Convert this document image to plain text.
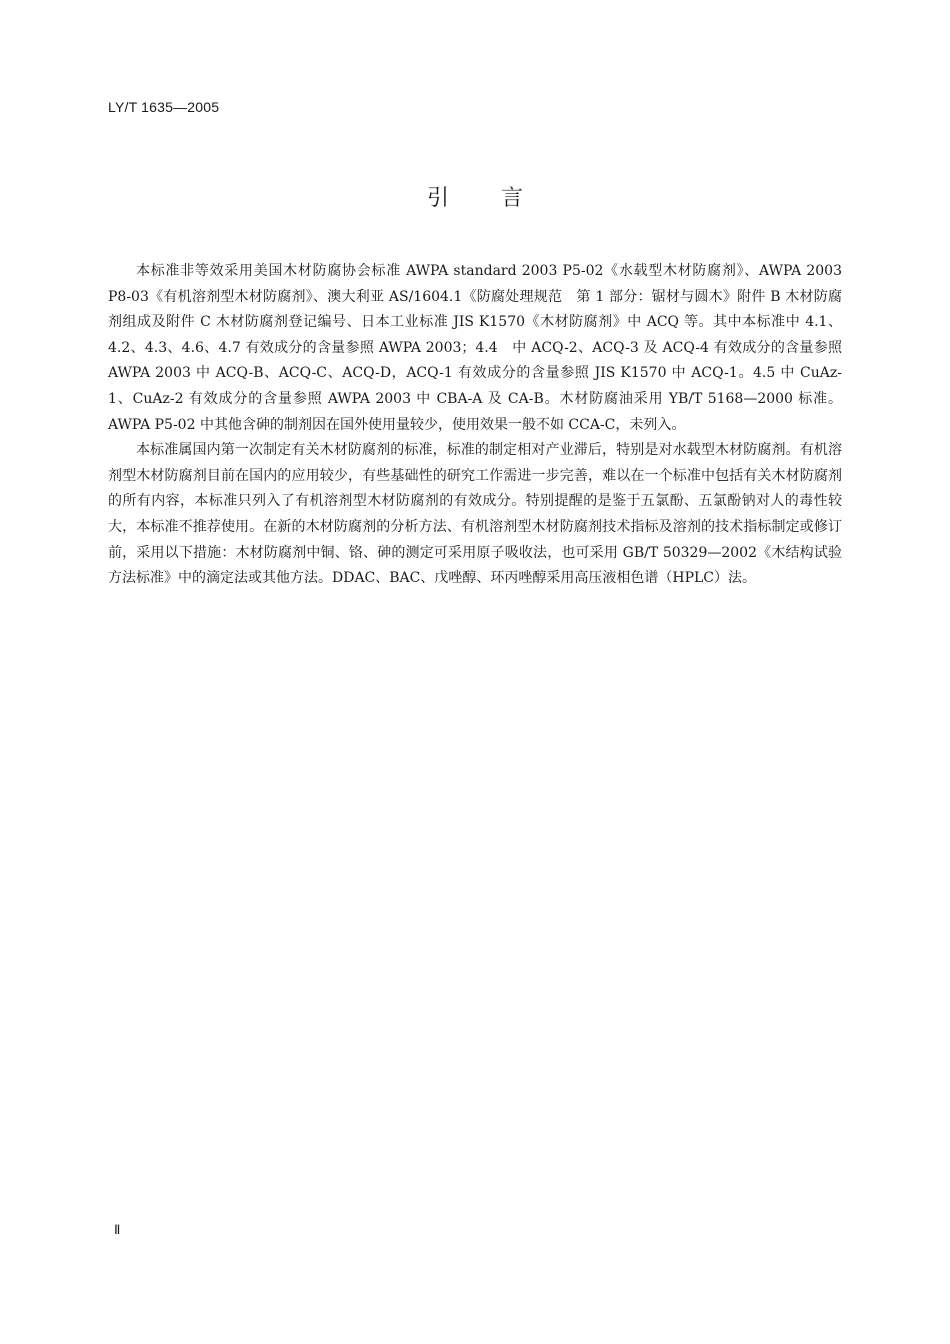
LY/T 1635—2005
引言

本标准非等效采用美国木材防腐协会标准 AWPA standard 2003 P5-02《水载型木材防腐剂》、AWPA 2003 P8-03《有机溶剂型木材防腐剂》、澳大利亚 AS/1604.1《防腐处理规范　第 1 部分：锯材与圆木》附件 B 木材防腐剂组成及附件 C 木材防腐剂登记编号、日本工业标准 JIS K1570《木材防腐剂》中 ACQ 等。其中本标准中 4.1、4.2、4.3、4.6、4.7 有效成分的含量参照 AWPA 2003；4.4　中 ACQ-2、ACQ-3 及 ACQ-4 有效成分的含量参照 AWPA 2003 中 ACQ-B、ACQ-C、ACQ-D，ACQ-1 有效成分的含量参照 JIS K1570 中 ACQ-1。4.5 中 CuAz-1、CuAz-2 有效成分的含量参照 AWPA 2003 中 CBA-A 及 CA-B。木材防腐油采用 YB/T 5168—2000 标准。AWPA P5-02 中其他含砷的制剂因在国外使用量较少，使用效果一般不如 CCA-C，未列入。

本标准属国内第一次制定有关木材防腐剂的标准，标准的制定相对产业滞后，特别是对水载型木材防腐剂。有机溶剂型木材防腐剂目前在国内的应用较少，有些基础性的研究工作需进一步完善，难以在一个标准中包括有关木材防腐剂的所有内容，本标准只列入了有机溶剂型木材防腐剂的有效成分。特别提醒的是鉴于五氯酚、五氯酚钠对人的毒性较大，本标准不推荐使用。在新的木材防腐剂的分析方法、有机溶剂型木材防腐剂技术指标及溶剂的技术指标制定或修订前，采用以下措施：木材防腐剂中铜、铬、砷的测定可采用原子吸收法，也可采用 GB/T 50329—2002《木结构试验方法标准》中的滴定法或其他方法。DDAC、BAC、戊唑醇、环丙唑醇采用高压液相色谱（HPLC）法。

Ⅱ
